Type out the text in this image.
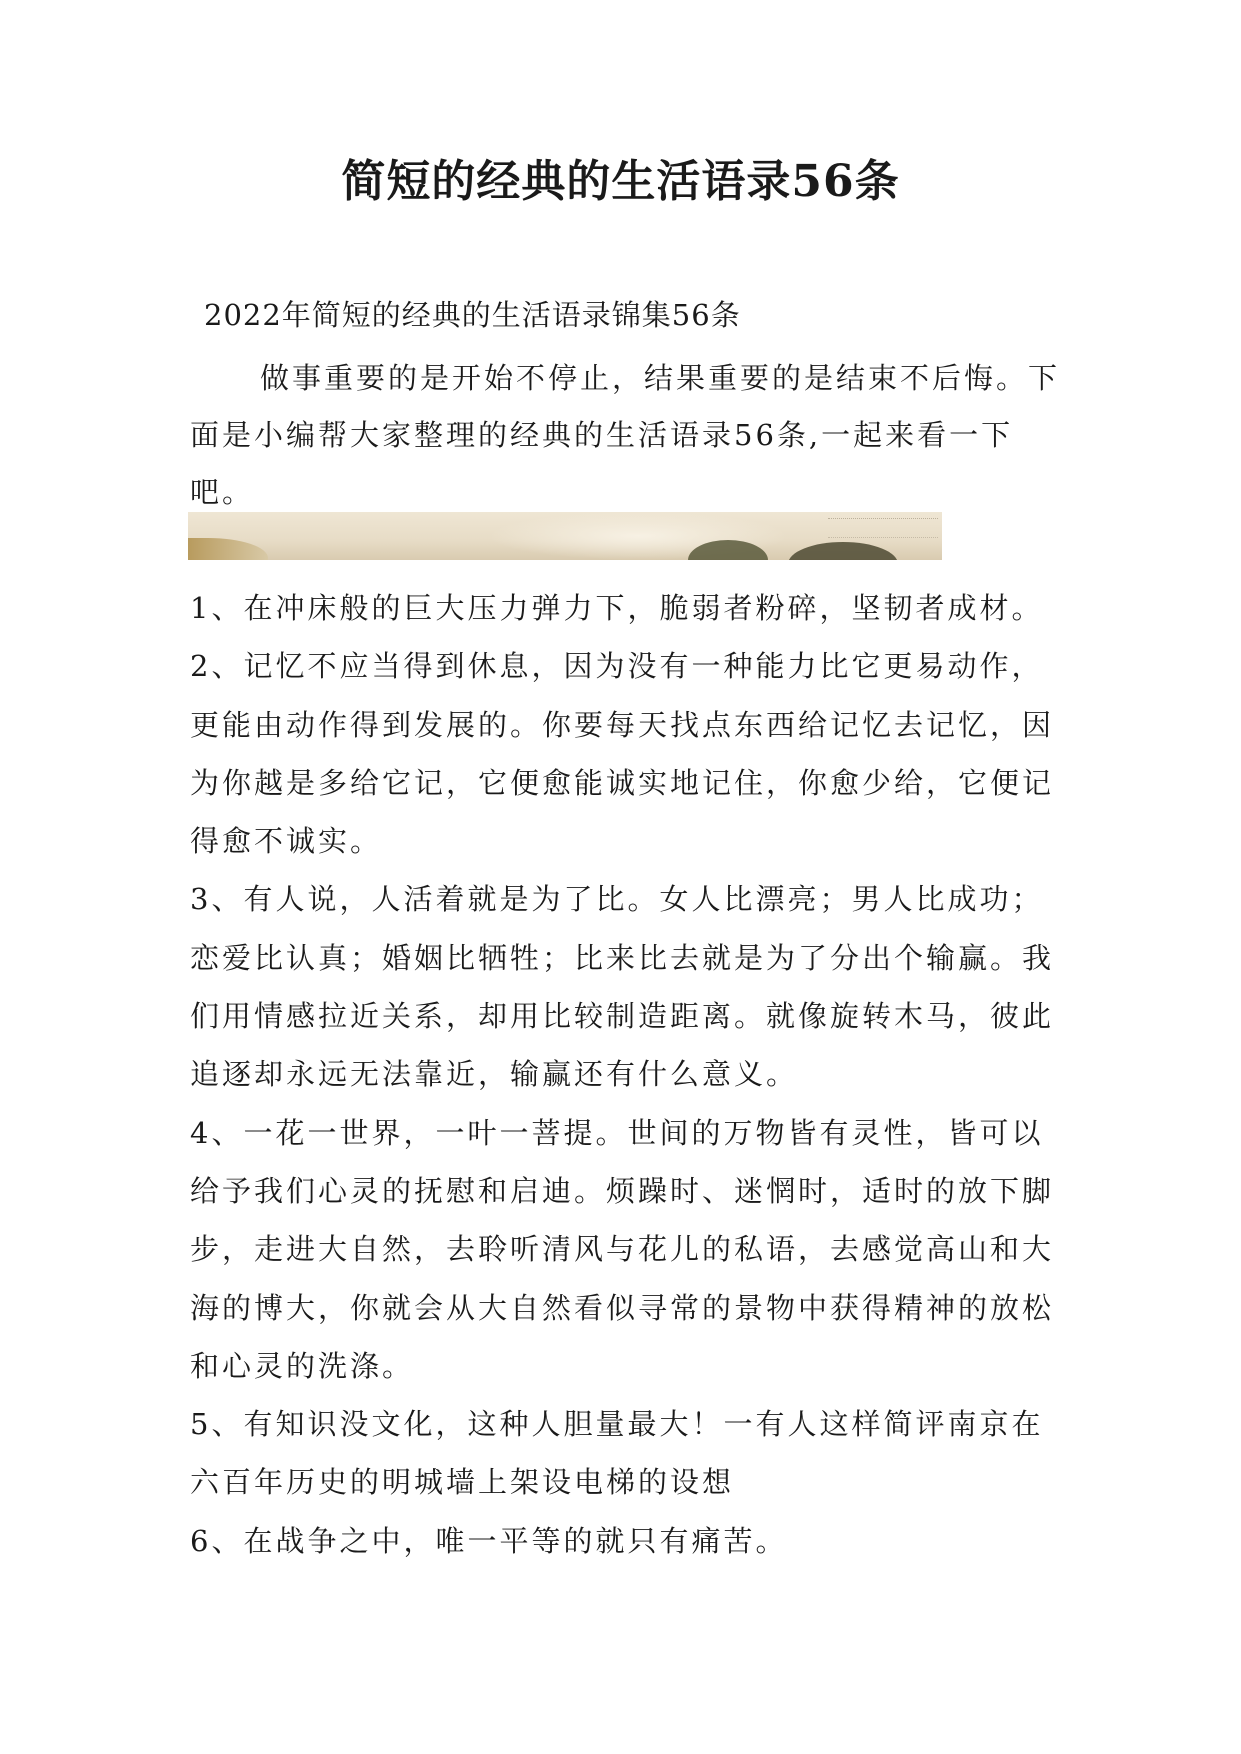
简短的经典的生活语录56条
2022年简短的经典的生活语录锦集56条

做事重要的是开始不停止，结果重要的是结束不后悔。下面是小编帮大家整理的经典的生活语录56条,一起来看一下吧。

1、在冲床般的巨大压力弹力下，脆弱者粉碎，坚韧者成材。

2、记忆不应当得到休息，因为没有一种能力比它更易动作，更能由动作得到发展的。你要每天找点东西给记忆去记忆，因为你越是多给它记，它便愈能诚实地记住，你愈少给，它便记得愈不诚实。

3、有人说，人活着就是为了比。女人比漂亮；男人比成功；恋爱比认真；婚姻比牺牲；比来比去就是为了分出个输赢。我们用情感拉近关系，却用比较制造距离。就像旋转木马，彼此追逐却永远无法靠近，输赢还有什么意义。

4、一花一世界，一叶一菩提。世间的万物皆有灵性，皆可以给予我们心灵的抚慰和启迪。烦躁时、迷惘时，适时的放下脚步，走进大自然，去聆听清风与花儿的私语，去感觉高山和大海的博大，你就会从大自然看似寻常的景物中获得精神的放松和心灵的洗涤。

5、有知识没文化，这种人胆量最大！一有人这样简评南京在六百年历史的明城墙上架设电梯的设想

6、在战争之中，唯一平等的就只有痛苦。
